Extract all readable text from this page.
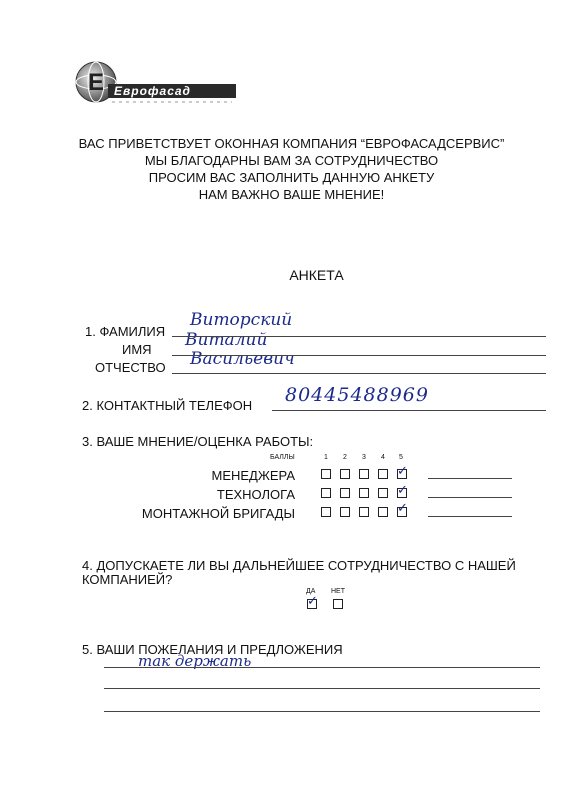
Е Еврофасад
ВАС ПРИВЕТСТВУЕТ ОКОННАЯ КОМПАНИЯ “ЕВРОФАСАДСЕРВИС”
МЫ БЛАГОДАРНЫ ВАМ ЗА СОТРУДНИЧЕСТВО
ПРОСИМ ВАС ЗАПОЛНИТЬ ДАННУЮ АНКЕТУ
НАМ ВАЖНО ВАШЕ МНЕНИЕ!
АНКЕТА
1. ФАМИЛИЯ
ИМЯ
ОТЧЕСТВО
Виторский
Виталий
Васильевич
2. КОНТАКТНЫЙ ТЕЛЕФОН 80445488969
3. ВАШЕ МНЕНИЕ/ОЦЕНКА РАБОТЫ:
БАЛЛЫ	1 2 3 4 5
МЕНЕДЖЕРА
ТЕХНОЛОГА
МОНТАЖНОЙ БРИГАДЫ
✓
✓
✓
4. ДОПУСКАЕТЕ ЛИ ВЫ ДАЛЬНЕЙШЕЕ СОТРУДНИЧЕСТВО С НАШЕЙ
КОМПАНИЕЙ?
ДА НЕТ
✓
5. ВАШИ ПОЖЕЛАНИЯ И ПРЕДЛОЖЕНИЯ
так держать
